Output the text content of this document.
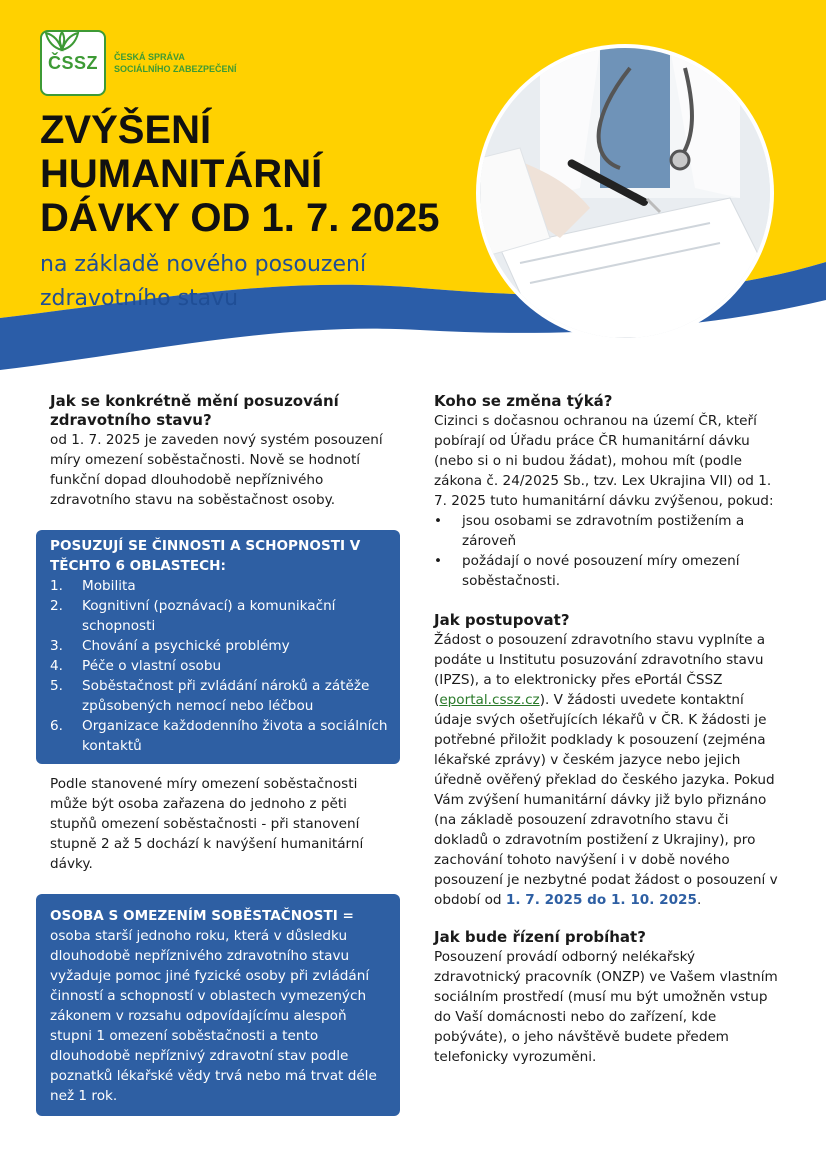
ČSSZ ČESKÁ SPRÁVA
SOCIÁLNÍHO ZABEZPEČENÍ
ZVÝŠENÍ
HUMANITÁRNÍ
DÁVKY OD 1. 7. 2025
na základě nového posouzení
zdravotního stavu
Jak se konkrétně mění posuzování zdravotního stavu?

od 1. 7. 2025 je zaveden nový systém posouzení míry omezení soběstačnosti. Nově se hodnotí funkční dopad dlouhodobě nepříznivého zdravotního stavu na soběstačnost osoby.

POSUZUJÍ SE ČINNOSTI A SCHOPNOSTI V TĚCHTO 6 OBLASTECH:
1.	Mobilita
2.	Kognitivní (poznávací) a komunikační schopnosti
3.	Chování a psychické problémy
4.	Péče o vlastní osobu
5.	Soběstačnost při zvládání nároků a zátěže způsobených nemocí nebo léčbou
6.	Organizace každodenního života a sociálních kontaktů

Podle stanovené míry omezení soběstačnosti může být osoba zařazena do jednoho z pěti stupňů omezení soběstačnosti - při stanovení stupně 2 až 5 dochází k navýšení humanitární dávky.

OSOBA S OMEZENÍM SOBĚSTAČNOSTI =
osoba starší jednoho roku, která v důsledku dlouhodobě nepříznivého zdravotního stavu vyžaduje pomoc jiné fyzické osoby při zvládání činností a schopností v oblastech vymezených zákonem v rozsahu odpovídajícímu alespoň stupni 1 omezení soběstačnosti a tento dlouhodobě nepříznivý zdravotní stav podle poznatků lékařské vědy trvá nebo má trvat déle než 1 rok.
Koho se změna týká?

Cizinci s dočasnou ochranou na území ČR, kteří pobírají od Úřadu práce ČR humanitární dávku (nebo si o ni budou žádat), mohou mít (podle zákona č. 24/2025 Sb., tzv. Lex Ukrajina VII) od 1. 7. 2025 tuto humanitární dávku zvýšenou, pokud:

•	jsou osobami se zdravotním postižením a zároveň
•	požádají o nové posouzení míry omezení soběstačnosti.
Jak postupovat?

Žádost o posouzení zdravotního stavu vyplníte a podáte u Institutu posuzování zdravotního stavu (IPZS), a to elektronicky přes ePortál ČSSZ (eportal.cssz.cz). V žádosti uvedete kontaktní údaje svých ošetřujících lékařů v ČR. K žádosti je potřebné přiložit podklady k posouzení (zejména lékařské zprávy) v českém jazyce nebo jejich úředně ověřený překlad do českého jazyka. Pokud Vám zvýšení humanitární dávky již bylo přiznáno (na základě posouzení zdravotního stavu či dokladů o zdravotním postižení z Ukrajiny), pro zachování tohoto navýšení i v době nového posouzení je nezbytné podat žádost o posouzení v období od 1. 7. 2025 do 1. 10. 2025.

Jak bude řízení probíhat?

Posouzení provádí odborný nelékařský zdravotnický pracovník (ONZP) ve Vašem vlastním sociálním prostředí (musí mu být umožněn vstup do Vaší domácnosti nebo do zařízení, kde pobýváte), o jeho návštěvě budete předem telefonicky vyrozuměni.
